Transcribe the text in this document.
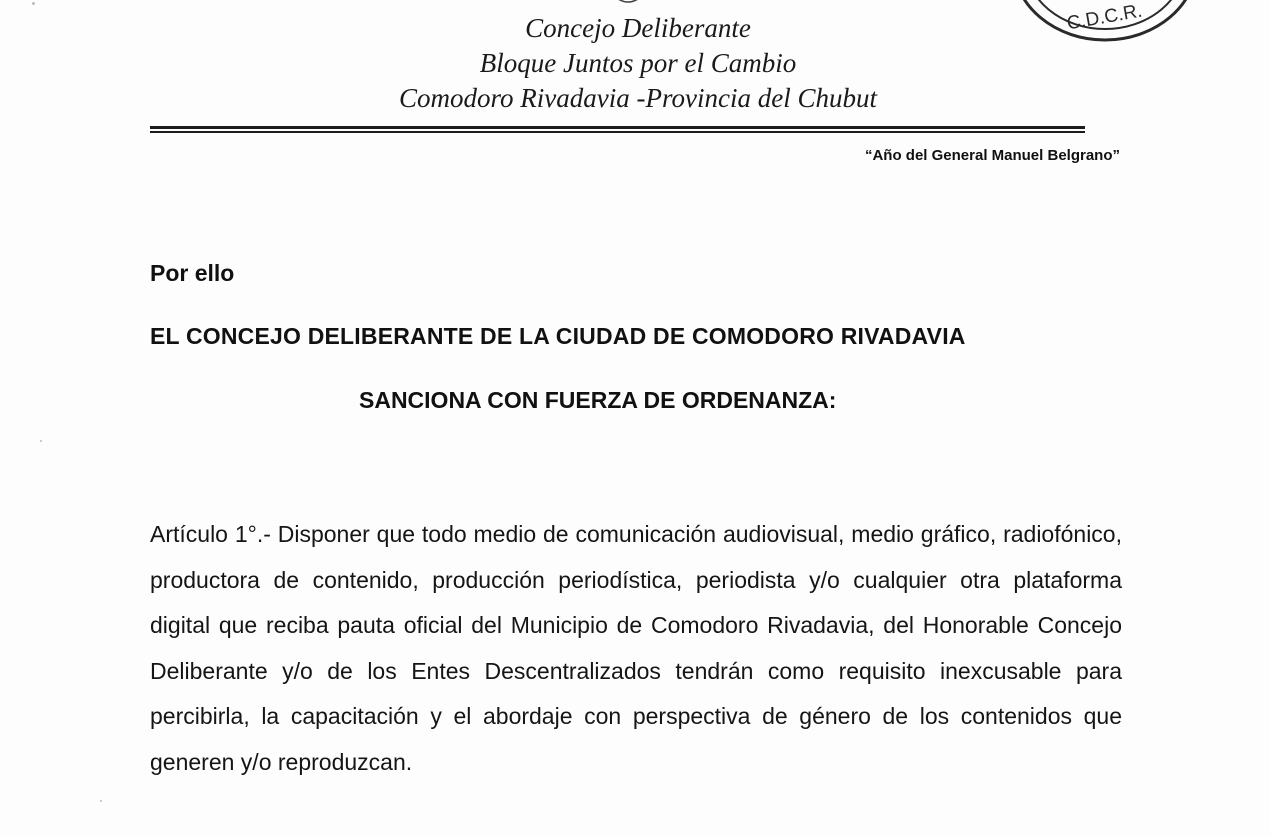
Concejo Deliberante
Bloque Juntos por el Cambio
Comodoro Rivadavia -Provincia del Chubut
C.D.C.R.
“Año del General Manuel Belgrano”
Por ello
EL CONCEJO DELIBERANTE DE LA CIUDAD DE COMODORO RIVADAVIA
SANCIONA CON FUERZA DE ORDENANZA:
Artículo 1°.- Disponer que todo medio de comunicación audiovisual, medio gráfico, radiofónico, productora de contenido, producción periodística, periodista y/o cualquier otra plataforma digital que reciba pauta oficial del Municipio de Comodoro Rivadavia, del Honorable Concejo Deliberante y/o de los Entes Descentralizados tendrán como requisito inexcusable para percibirla, la capacitación y el abordaje con perspectiva de género de los contenidos que generen y/o reproduzcan.
